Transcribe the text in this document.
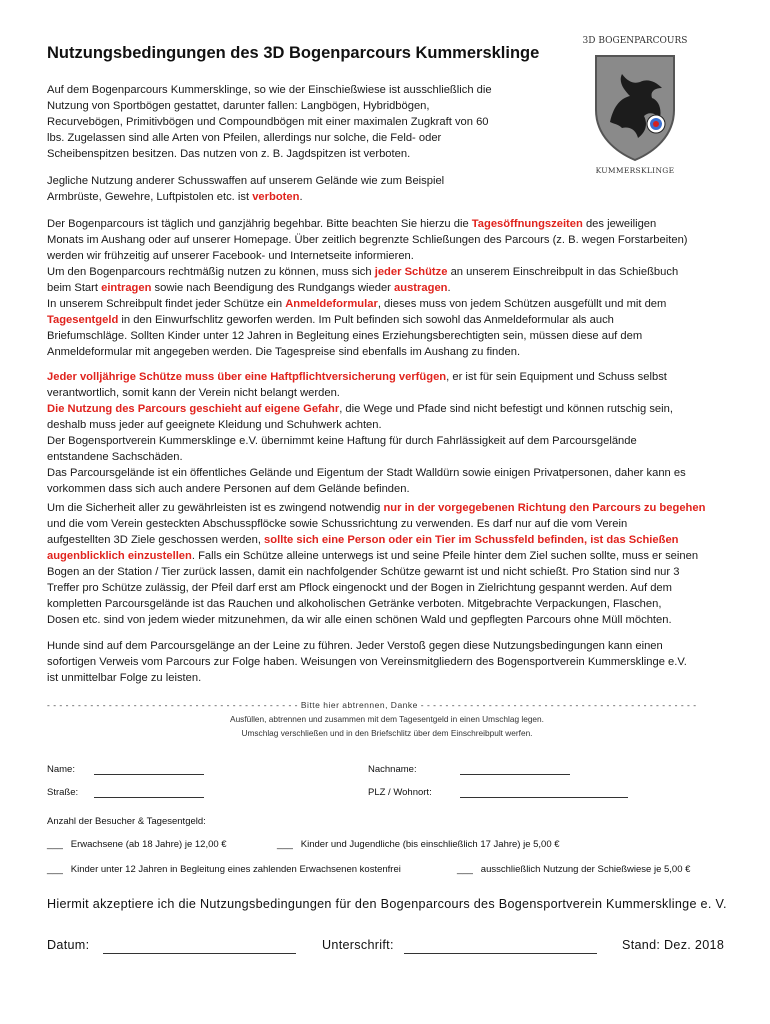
Nutzungsbedingungen des 3D Bogenparcours Kummersklinge
3D BOGENPARCOURS
KUMMERSKLINGE
Auf dem Bogenparcours Kummersklinge, so wie der Einschießwiese ist ausschließlich die
Nutzung von Sportbögen gestattet, darunter fallen: Langbögen, Hybridbögen,
Recurvebögen, Primitivbögen und Compoundbögen mit einer maximalen Zugkraft von 60
lbs. Zugelassen sind alle Arten von Pfeilen, allerdings nur solche, die Feld- oder
Scheibenspitzen besitzen. Das nutzen von z. B. Jagdspitzen ist verboten.
Jegliche Nutzung anderer Schusswaffen auf unserem Gelände wie zum Beispiel
Armbrüste, Gewehre, Luftpistolen etc. ist verboten.
Der Bogenparcours ist täglich und ganzjährig begehbar. Bitte beachten Sie hierzu die Tagesöffnungszeiten des jeweiligen
Monats im Aushang oder auf unserer Homepage. Über zeitlich begrenzte Schließungen des Parcours (z. B. wegen Forstarbeiten)
werden wir frühzeitig auf unserer Facebook- und Internetseite informieren.
Um den Bogenparcours rechtmäßig nutzen zu können, muss sich jeder Schütze an unserem Einschreibpult in das Schießbuch
beim Start eintragen sowie nach Beendigung des Rundgangs wieder austragen.
In unserem Schreibpult findet jeder Schütze ein Anmeldeformular, dieses muss von jedem Schützen ausgefüllt und mit dem
Tagesentgeld in den Einwurfschlitz geworfen werden. Im Pult befinden sich sowohl das Anmeldeformular als auch
Briefumschläge. Sollten Kinder unter 12 Jahren in Begleitung eines Erziehungsberechtigten sein, müssen diese auf dem
Anmeldeformular mit angegeben werden. Die Tagespreise sind ebenfalls im Aushang zu finden.
Jeder volljährige Schütze muss über eine Haftpflichtversicherung verfügen, er ist für sein Equipment und Schuss selbst
verantwortlich, somit kann der Verein nicht belangt werden.
Die Nutzung des Parcours geschieht auf eigene Gefahr, die Wege und Pfade sind nicht befestigt und können rutschig sein,
deshalb muss jeder auf geeignete Kleidung und Schuhwerk achten.
Der Bogensportverein Kummersklinge e.V. übernimmt keine Haftung für durch Fahrlässigkeit auf dem Parcoursgelände
entstandene Sachschäden.
Das Parcoursgelände ist ein öffentliches Gelände und Eigentum der Stadt Walldürn sowie einigen Privatpersonen, daher kann es
vorkommen dass sich auch andere Personen auf dem Gelände befinden.
Um die Sicherheit aller zu gewährleisten ist es zwingend notwendig nur in der vorgegebenen Richtung den Parcours zu begehen
und die vom Verein gesteckten Abschusspflöcke sowie Schussrichtung zu verwenden. Es darf nur auf die vom Verein
aufgestellten 3D Ziele geschossen werden, sollte sich eine Person oder ein Tier im Schussfeld befinden, ist das Schießen
augenblicklich einzustellen. Falls ein Schütze alleine unterwegs ist und seine Pfeile hinter dem Ziel suchen sollte, muss er seinen
Bogen an der Station / Tier zurück lassen, damit ein nachfolgender Schütze gewarnt ist und nicht schießt. Pro Station sind nur 3
Treffer pro Schütze zulässig, der Pfeil darf erst am Pflock eingenockt und der Bogen in Zielrichtung gespannt werden. Auf dem
kompletten Parcoursgelände ist das Rauchen und alkoholischen Getränke verboten. Mitgebrachte Verpackungen, Flaschen,
Dosen etc. sind von jedem wieder mitzunehmen, da wir alle einen schönen Wald und gepflegten Parcours ohne Müll möchten.
Hunde sind auf dem Parcoursgelänge an der Leine zu führen. Jeder Verstoß gegen diese Nutzungsbedingungen kann einen
sofortigen Verweis vom Parcours zur Folge haben. Weisungen von Vereinsmitgliedern des Bogensportverein Kummersklinge e.V.
ist unmittelbar Folge zu leisten.
- - - - - - - - - - - - - - - - - - - - - - - - - - - - - - - - - - - - - - - - - Bitte hier abtrennen, Danke - - - - - - - - - - - - - - - - - - - - - - - - - - - - - - - - - - - - - - - - - - - - -
Ausfüllen, abtrennen und zusammen mit dem Tagesentgeld in einen Umschlag legen.
Umschlag verschließen und in den Briefschlitz über dem Einschreibpult werfen.
Name:	Nachname:
Straße:	PLZ / Wohnort:
Anzahl der Besucher & Tagesentgeld:
___ Erwachsene (ab 18 Jahre) je 12,00 €	___ Kinder und Jugendliche (bis einschließlich 17 Jahre) je 5,00 €
___ Kinder unter 12 Jahren in Begleitung eines zahlenden Erwachsenen kostenfrei	___ ausschließlich Nutzung der Schießwiese je 5,00 €
Hiermit akzeptiere ich die Nutzungsbedingungen für den Bogenparcours des Bogensportverein Kummersklinge e. V.
Datum:	Unterschrift:	Stand: Dez. 2018
